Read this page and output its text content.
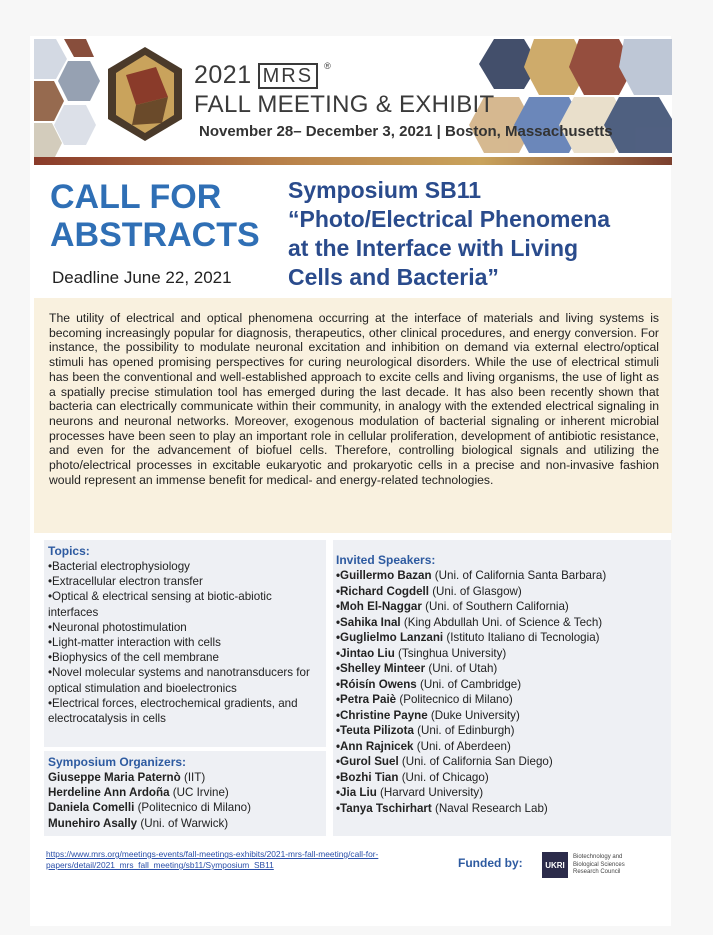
2021 MRS	®
FALL MEETING & EXHIBIT
November 28– December 3, 2021 | Boston, Massachusetts
CALL FOR
ABSTRACTS
Deadline June 22, 2021
Symposium SB11
“Photo/Electrical Phenomena
at the Interface with Living
Cells and Bacteria”

The utility of electrical and optical phenomena occurring at the interface of materials and living systems is becoming increasingly popular for diagnosis, therapeutics, other clinical procedures, and energy conversion. For instance, the possibility to modulate neuronal excitation and inhibition on demand via external electro/optical stimuli has opened promising perspectives for curing neurological disorders. While the use of electrical stimuli has been the conventional and well-established approach to excite cells and living organisms, the use of light as a spatially precise stimulation tool has emerged during the last decade. It has also been recently shown that bacteria can electrically communicate within their community, in analogy with the extended electrical signaling in neurons and neuronal networks. Moreover, exogenous modulation of bacterial signaling or inherent microbial processes have been seen to play an important role in cellular proliferation, development of antibiotic resistance, and even for the advancement of biofuel cells. Therefore, controlling biological signals and utilizing the photo/electrical processes in excitable eukaryotic and prokaryotic cells in a precise and non-invasive fashion would represent an immense benefit for medical- and energy-related technologies.

Topics:
•Bacterial electrophysiology
•Extracellular electron transfer
•Optical & electrical sensing at biotic-abiotic interfaces
•Neuronal photostimulation
•Light-matter interaction with cells
•Biophysics of the cell membrane
•Novel molecular systems and nanotransducers for optical stimulation and bioelectronics
•Electrical forces, electrochemical gradients, and electrocatalysis in cells
Symposium Organizers:
Giuseppe Maria Paternò (IIT)
Herdeline Ann Ardoña (UC Irvine)
Daniela Comelli (Politecnico di Milano)
Munehiro Asally (Uni. of Warwick)
Invited Speakers:
•Guillermo Bazan (Uni. of California Santa Barbara)
•Richard Cogdell (Uni. of Glasgow)
•Moh El-Naggar (Uni. of Southern California)
•Sahika Inal (King Abdullah Uni. of Science & Tech)
•Guglielmo Lanzani (Istituto Italiano di Tecnologia)
•Jintao Liu (Tsinghua University)
•Shelley Minteer (Uni. of Utah)
•Róisín Owens (Uni. of Cambridge)
•Petra Paiè (Politecnico di Milano)
•Christine Payne (Duke University)
•Teuta Pilizota (Uni. of Edinburgh)
•Ann Rajnicek (Uni. of Aberdeen)
•Gurol Suel (Uni. of California San Diego)
•Bozhi Tian (Uni. of Chicago)
•Jia Liu (Harvard University)
•Tanya Tschirhart (Naval Research Lab)
https://www.mrs.org/meetings-events/fall-meetings-exhibits/2021-mrs-fall-meeting/call-for-papers/detail/2021_mrs_fall_meeting/sb11/Symposium_SB11	Funded by:	UKRI
Biotechnology and Biological Sciences Research Council
